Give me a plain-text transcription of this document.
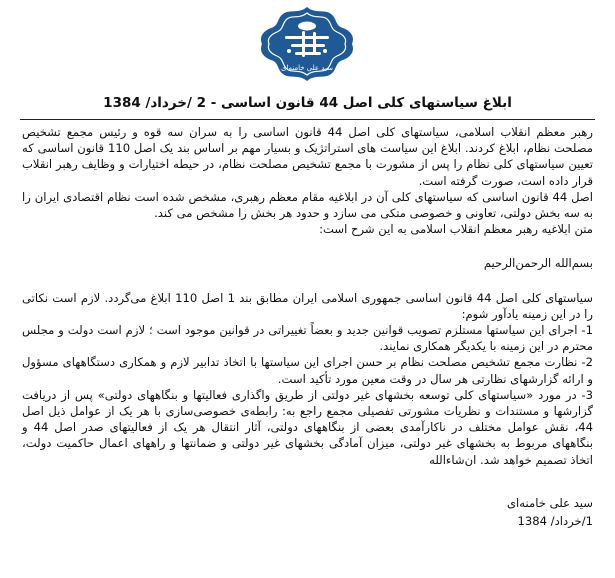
سید علی خامنه‌ای
ابلاغ سیاستهای کلی اصل 44 قانون اساسی - 2 /خرداد/ 1384

رهبر معظم انقلاب اسلامی، سیاستهای کلی اصل 44 قانون اساسی را به سران سه قوه و رئیس مجمع تشخیص مصلحت نظام، ابلاغ کردند. ابلاغ این سیاست های استراتژیک و بسیار مهم بر اساس بند یک اصل 110 قانون اساسی که تعیین سیاستهای کلی نظام را پس از مشورت با مجمع تشخیص مصلحت نظام، در حیطه اختیارات و وظایف رهبر انقلاب قرار داده است، صورت گرفته است.

اصل 44 قانون اساسی که سیاستهای کلی آن در ابلاغیه مقام معظم رهبری، مشخص شده است نظام اقتصادی ایران را به سه بخش دولتی، تعاونی و خصوصی متکی می سازد و حدود هر بخش را مشخص می کند.

متن ابلاغیه رهبر معظم انقلاب اسلامی به این شرح است:

بسم‌الله الرحمن‌الرحیم

سیاستهای کلی اصل 44 قانون اساسی جمهوری اسلامی ایران مطابق بند 1 اصل 110 ابلاغ می‌گردد. لازم است نکاتی را در این زمینه یادآور شوم:

1- اجرای این سیاستها مستلزم تصویب قوانین جدید و بعضاً تغییراتی در قوانین موجود است ؛ لازم است دولت و مجلس محترم در این زمینه با یکدیگر همکاری نمایند.

2- نظارت مجمع تشخیص مصلحت نظام بر حسن اجرای این سیاستها با اتخاذ تدابیر لازم و همکاری دستگاههای مسؤول و ارائه گزارشهای نظارتی هر سال در وقت معین مورد تأکید است.

3- در مورد «سیاستهای کلی توسعه بخشهای غیر دولتی از طریق واگذاری فعالیتها و بنگاههای دولتی» پس از دریافت گزارشها و مستندات و نظریات مشورتی تفصیلی مجمع راجع به: رابطه‌ی خصوصی‌سازی با هر یک از عوامل ذیل اصل 44، نقش عوامل مختلف در ناکارآمدی بعضی از بنگاههای دولتی، آثار انتقال هر یک از فعالیتهای صدر اصل 44 و بنگاههای مربوط به بخشهای غیر دولتی، میزان آمادگی بخشهای غیر دولتی و ضمانتها و راههای اعمال حاکمیت دولت، اتخاذ تصمیم خواهد شد. ان‌شاءالله

سید علی خامنه‌ای

1/خرداد/ 1384
